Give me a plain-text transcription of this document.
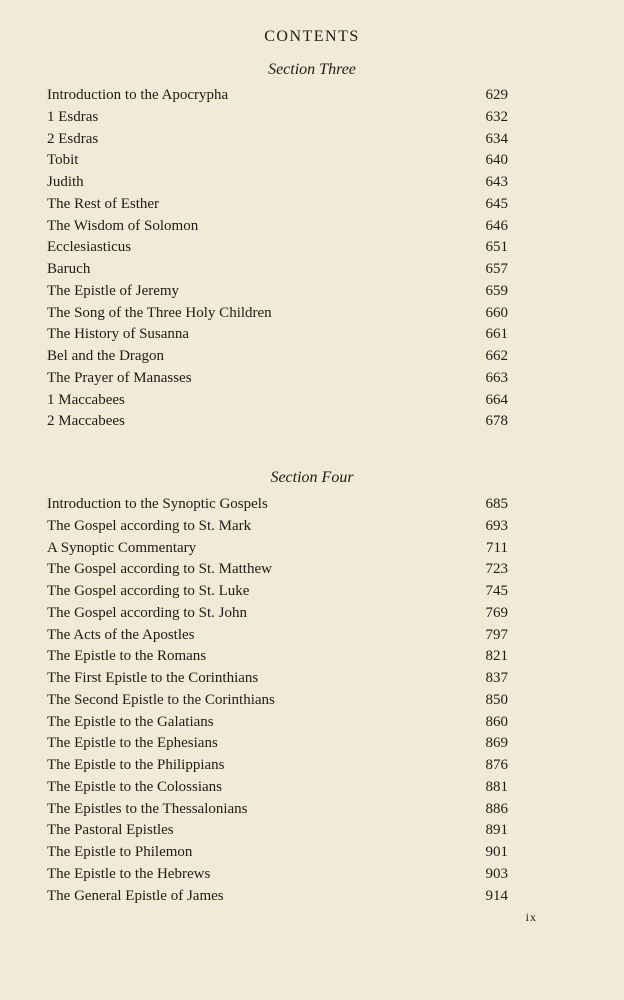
CONTENTS
Section Three
Introduction to the Apocrypha	629
1 Esdras	632
2 Esdras	634
Tobit	640
Judith	643
The Rest of Esther	645
The Wisdom of Solomon	646
Ecclesiasticus	651
Baruch	657
The Epistle of Jeremy	659
The Song of the Three Holy Children	660
The History of Susanna	661
Bel and the Dragon	662
The Prayer of Manasses	663
1 Maccabees	664
2 Maccabees	678
Section Four
Introduction to the Synoptic Gospels	685
The Gospel according to St. Mark	693
A Synoptic Commentary	711
The Gospel according to St. Matthew	723
The Gospel according to St. Luke	745
The Gospel according to St. John	769
The Acts of the Apostles	797
The Epistle to the Romans	821
The First Epistle to the Corinthians	837
The Second Epistle to the Corinthians	850
The Epistle to the Galatians	860
The Epistle to the Ephesians	869
The Epistle to the Philippians	876
The Epistle to the Colossians	881
The Epistles to the Thessalonians	886
The Pastoral Epistles	891
The Epistle to Philemon	901
The Epistle to the Hebrews	903
The General Epistle of James	914
ix
